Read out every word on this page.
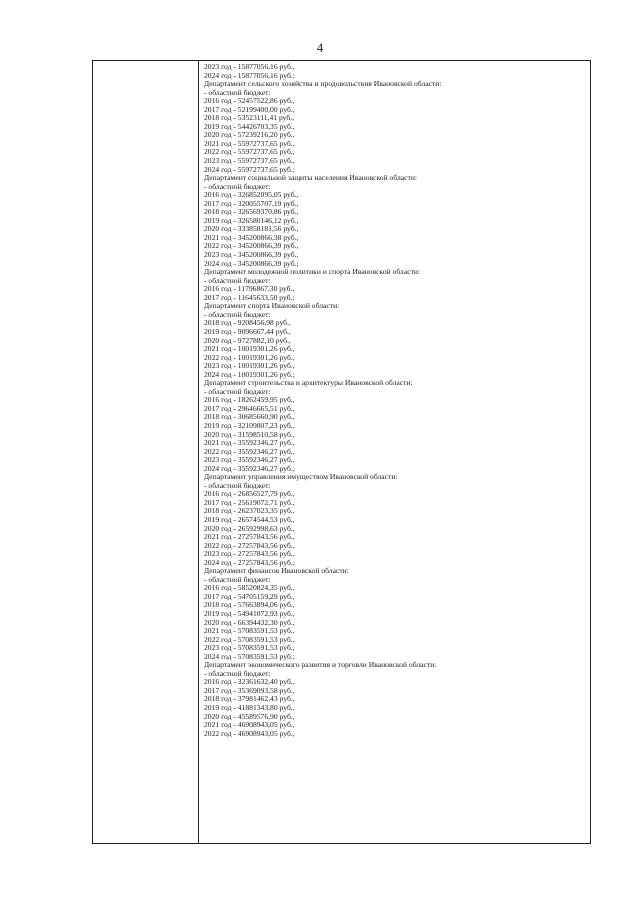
4
2023 год - 15877056,16 руб.,
2024 год - 15877056,16 руб.;
Департамент сельского хозяйства и продовольствия Ивановской области:
- областной бюджет:
2016 год - 52457522,86 руб.,
2017 год - 52199400,00 руб.,
2018 год - 53523111,41 руб.,
2019 год - 54426703,35 руб.,
2020 год - 57239216,20 руб.,
2021 год - 55972737,65 руб.,
2022 год - 55972737,65 руб.,
2023 год - 55972737,65 руб.,
2024 год - 55972737,65 руб.;
Департамент социальной защиты населения Ивановской области:
- областной бюджет:
2016 год - 326852095,05 руб.,
2017 год - 320055707,19 руб.,
2018 год - 326569370,86 руб.,
2019 год - 326580146,12 руб.,
2020 год - 333858181,56 руб.,
2021 год - 345200866,38 руб.,
2022 год - 345200866,39 руб.,
2023 год - 345200866,39 руб.,
2024 год - 345200866,39 руб.;
Департамент молодежной политики и спорта Ивановской области:
- областной бюджет:
2016 год - 11796867,30 руб.,
2017 год - 11645633,50 руб.;
Департамент спорта Ивановской области:
- областной бюджет:
2018 год - 9208456,98 руб.,
2019 год - 9096667,44 руб.,
2020 год - 9727882,10 руб.,
2021 год - 10019301,26 руб.,
2022 год - 10019301,26 руб.,
2023 год - 10019301,26 руб.,
2024 год - 10019301,26 руб.;
Департамент строительства и архитектуры Ивановской области:
- областной бюджет:
2016 год - 18262459,95 руб.,
2017 год - 29646665,51 руб.,
2018 год - 30685660,90 руб.,
2019 год - 32109807,23 руб.,
2020 год - 31598510,58 руб.,
2021 год - 35592346,27 руб.,
2022 год - 35592346,27 руб.,
2023 год - 35592346,27 руб.,
2024 год - 35592346,27 руб.;
Департамент управления имуществом Ивановской области:
- областной бюджет:
2016 год - 26856527,79 руб.,
2017 год - 25619072,71 руб.,
2018 год - 26237023,35 руб.,
2019 год - 26574544,53 руб.,
2020 год - 26592998,63 руб.,
2021 год - 27257843,56 руб.,
2022 год - 27257843,56 руб.,
2023 год - 27257843,56 руб.,
2024 год - 27257843,56 руб.;
Департамент финансов Ивановской области:
- областной бюджет:
2016 год - 58520824,35 руб.,
2017 год - 54705159,29 руб.,
2018 год - 57663894,06 руб.,
2019 год - 54941072,93 руб.,
2020 год - 66394432,30 руб.,
2021 год - 57083591,53 руб.,
2022 год - 57083591,53 руб.,
2023 год - 57083591,53 руб.,
2024 год - 57083591,53 руб.;
Департамент экономического развития и торговли Ивановской области:
- областной бюджет:
2016 год - 32361632,40 руб.,
2017 год - 35369093,58 руб.,
2018 год - 37981462,43 руб.,
2019 год - 41881343,80 руб.,
2020 год - 45589576,90 руб.,
2021 год - 46908943,05 руб.,
2022 год - 46908943,05 руб.,
